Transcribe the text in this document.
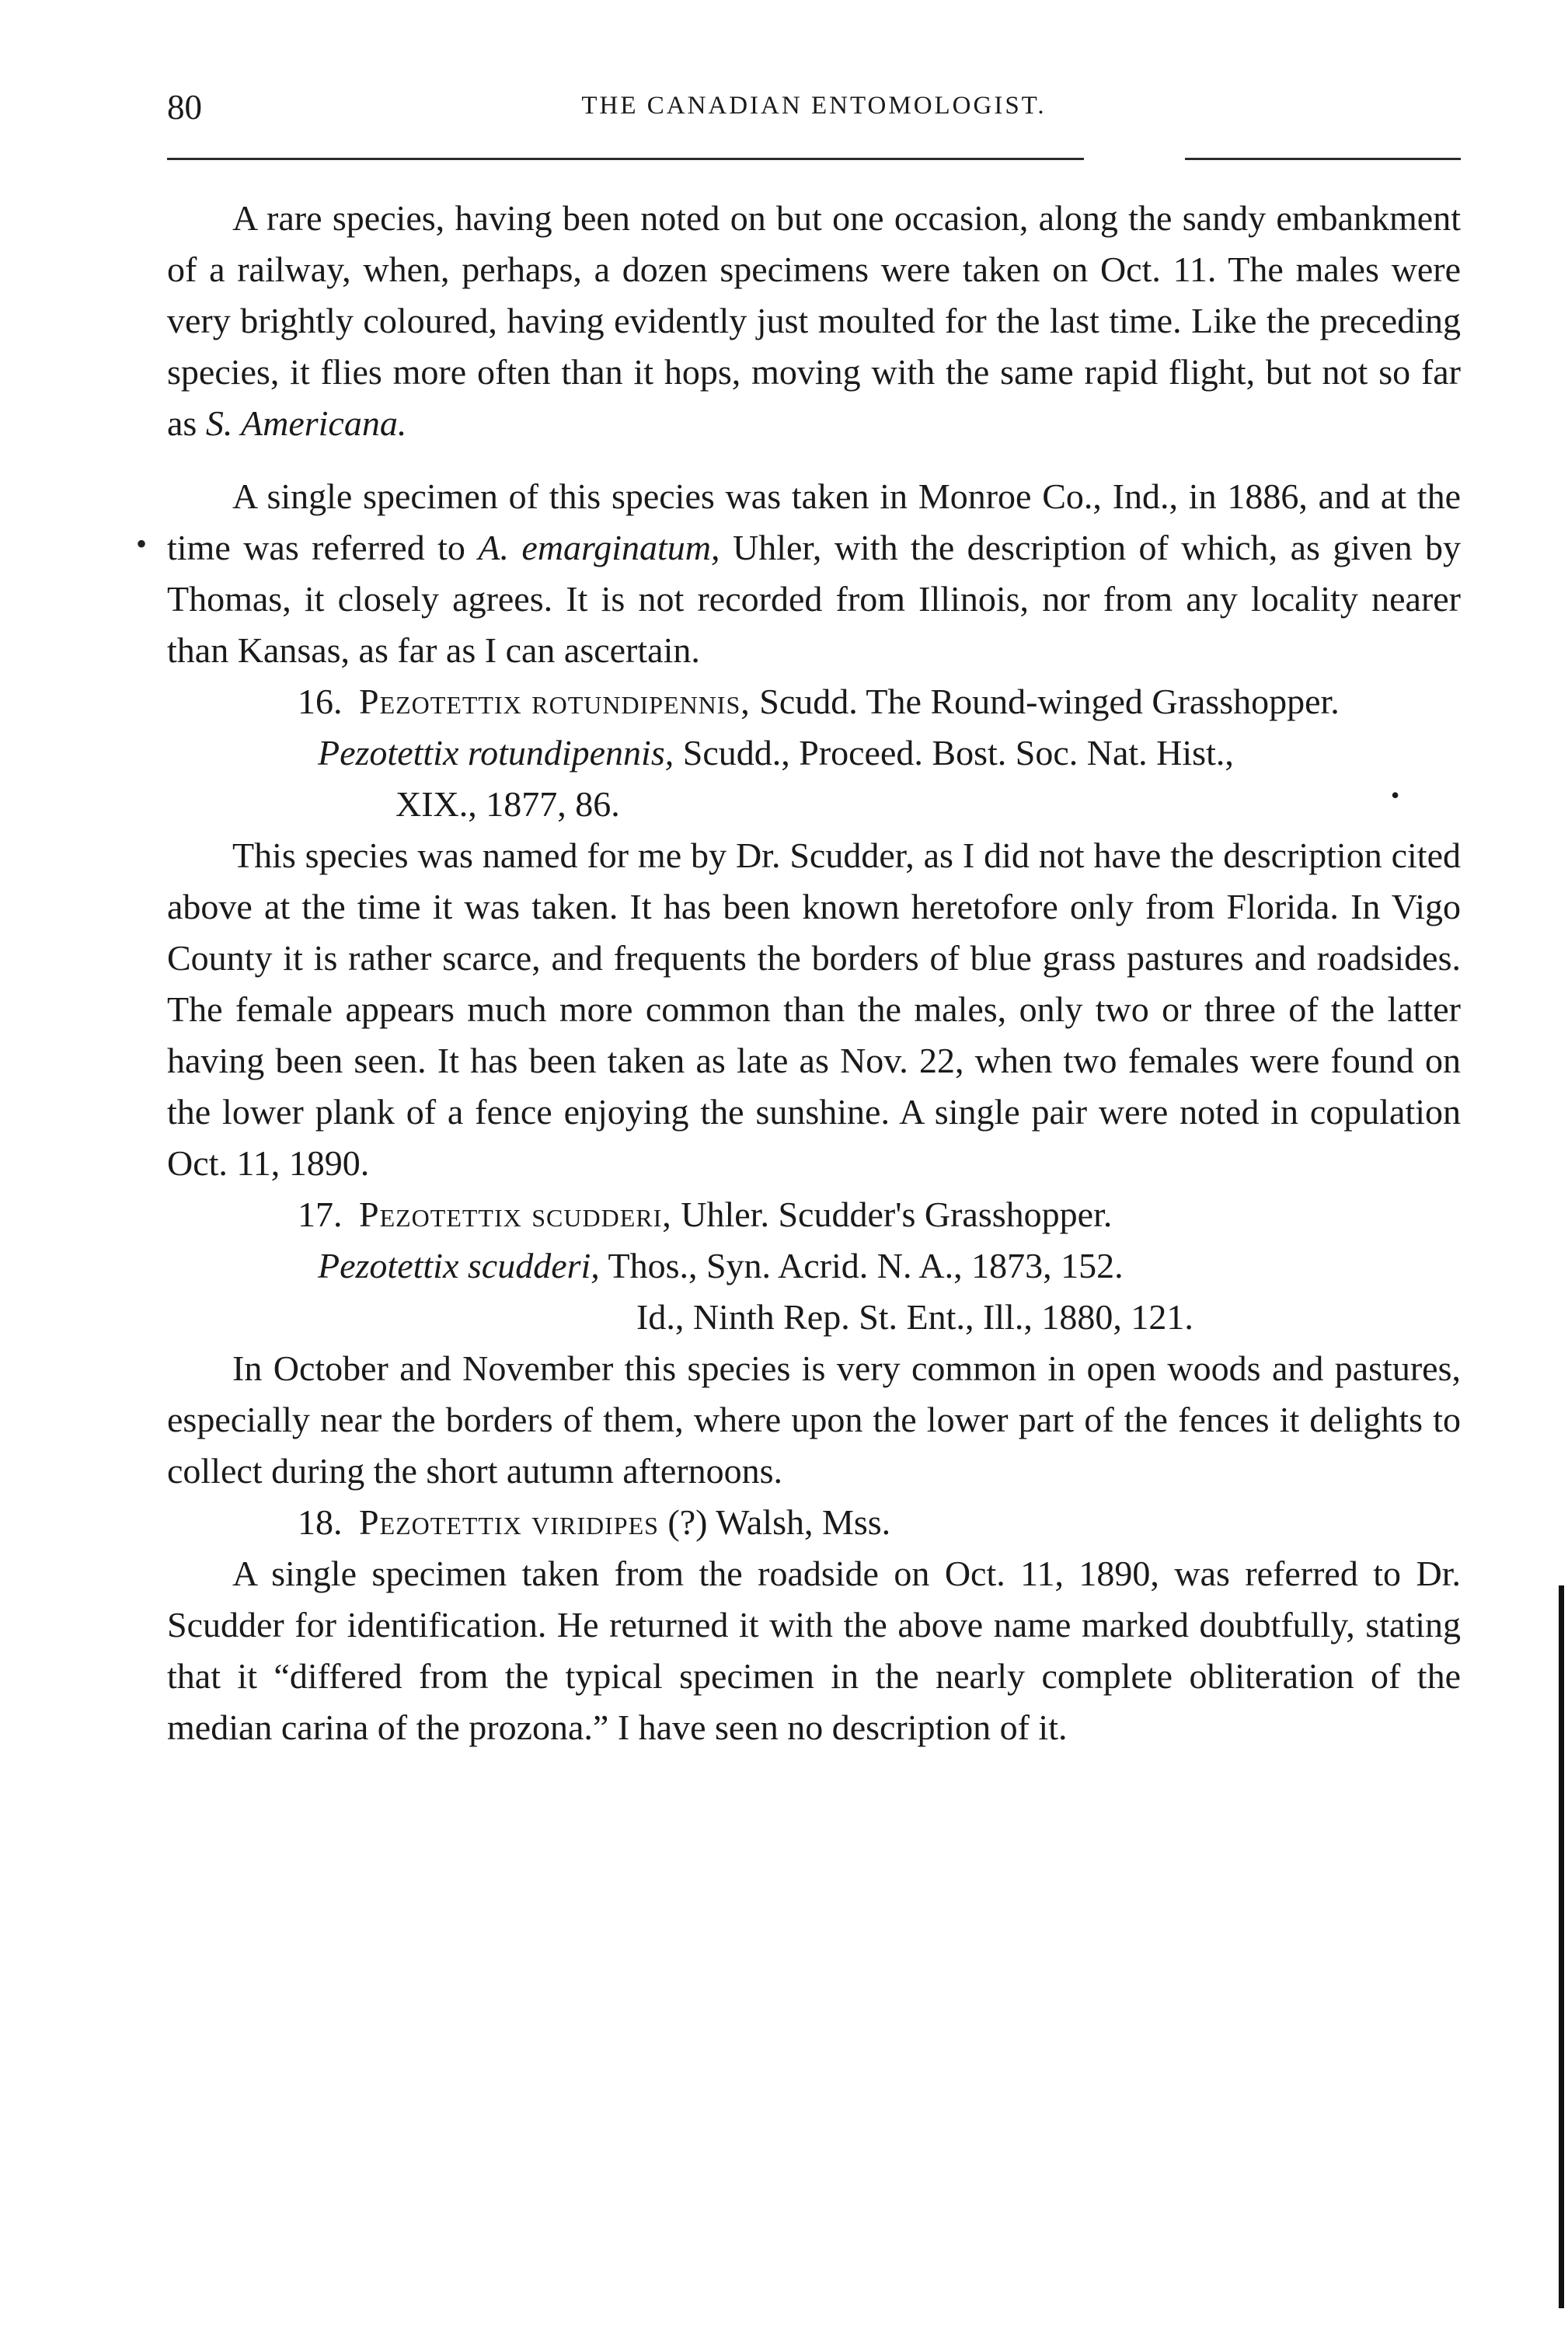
80	THE CANADIAN ENTOMOLOGIST.
•
•

A rare species, having been noted on but one occasion, along the sandy embankment of a railway, when, perhaps, a dozen specimens were taken on Oct. 11. The males were very brightly coloured, having evidently just moulted for the last time. Like the preceding species, it flies more often than it hops, moving with the same rapid flight, but not so far as S. Americana.

A single specimen of this species was taken in Monroe Co., Ind., in 1886, and at the time was referred to A. emarginatum, Uhler, with the description of which, as given by Thomas, it closely agrees. It is not recorded from Illinois, nor from any locality nearer than Kansas, as far as I can ascertain.

16. Pezotettix rotundipennis, Scudd. The Round-winged Grasshopper.

Pezotettix rotundipennis, Scudd., Proceed. Bost. Soc. Nat. Hist.,

XIX., 1877, 86.

This species was named for me by Dr. Scudder, as I did not have the description cited above at the time it was taken. It has been known heretofore only from Florida. In Vigo County it is rather scarce, and frequents the borders of blue grass pastures and roadsides. The female appears much more common than the males, only two or three of the latter having been seen. It has been taken as late as Nov. 22, when two females were found on the lower plank of a fence enjoying the sunshine. A single pair were noted in copulation Oct. 11, 1890.

17. Pezotettix scudderi, Uhler. Scudder's Grasshopper.

Pezotettix scudderi, Thos., Syn. Acrid. N. A., 1873, 152.

Id., Ninth Rep. St. Ent., Ill., 1880, 121.

In October and November this species is very common in open woods and pastures, especially near the borders of them, where upon the lower part of the fences it delights to collect during the short autumn afternoons.

18. Pezotettix viridipes (?) Walsh, Mss.

A single specimen taken from the roadside on Oct. 11, 1890, was referred to Dr. Scudder for identification. He returned it with the above name marked doubtfully, stating that it “differed from the typical specimen in the nearly complete obliteration of the median carina of the prozona.” I have seen no description of it.
